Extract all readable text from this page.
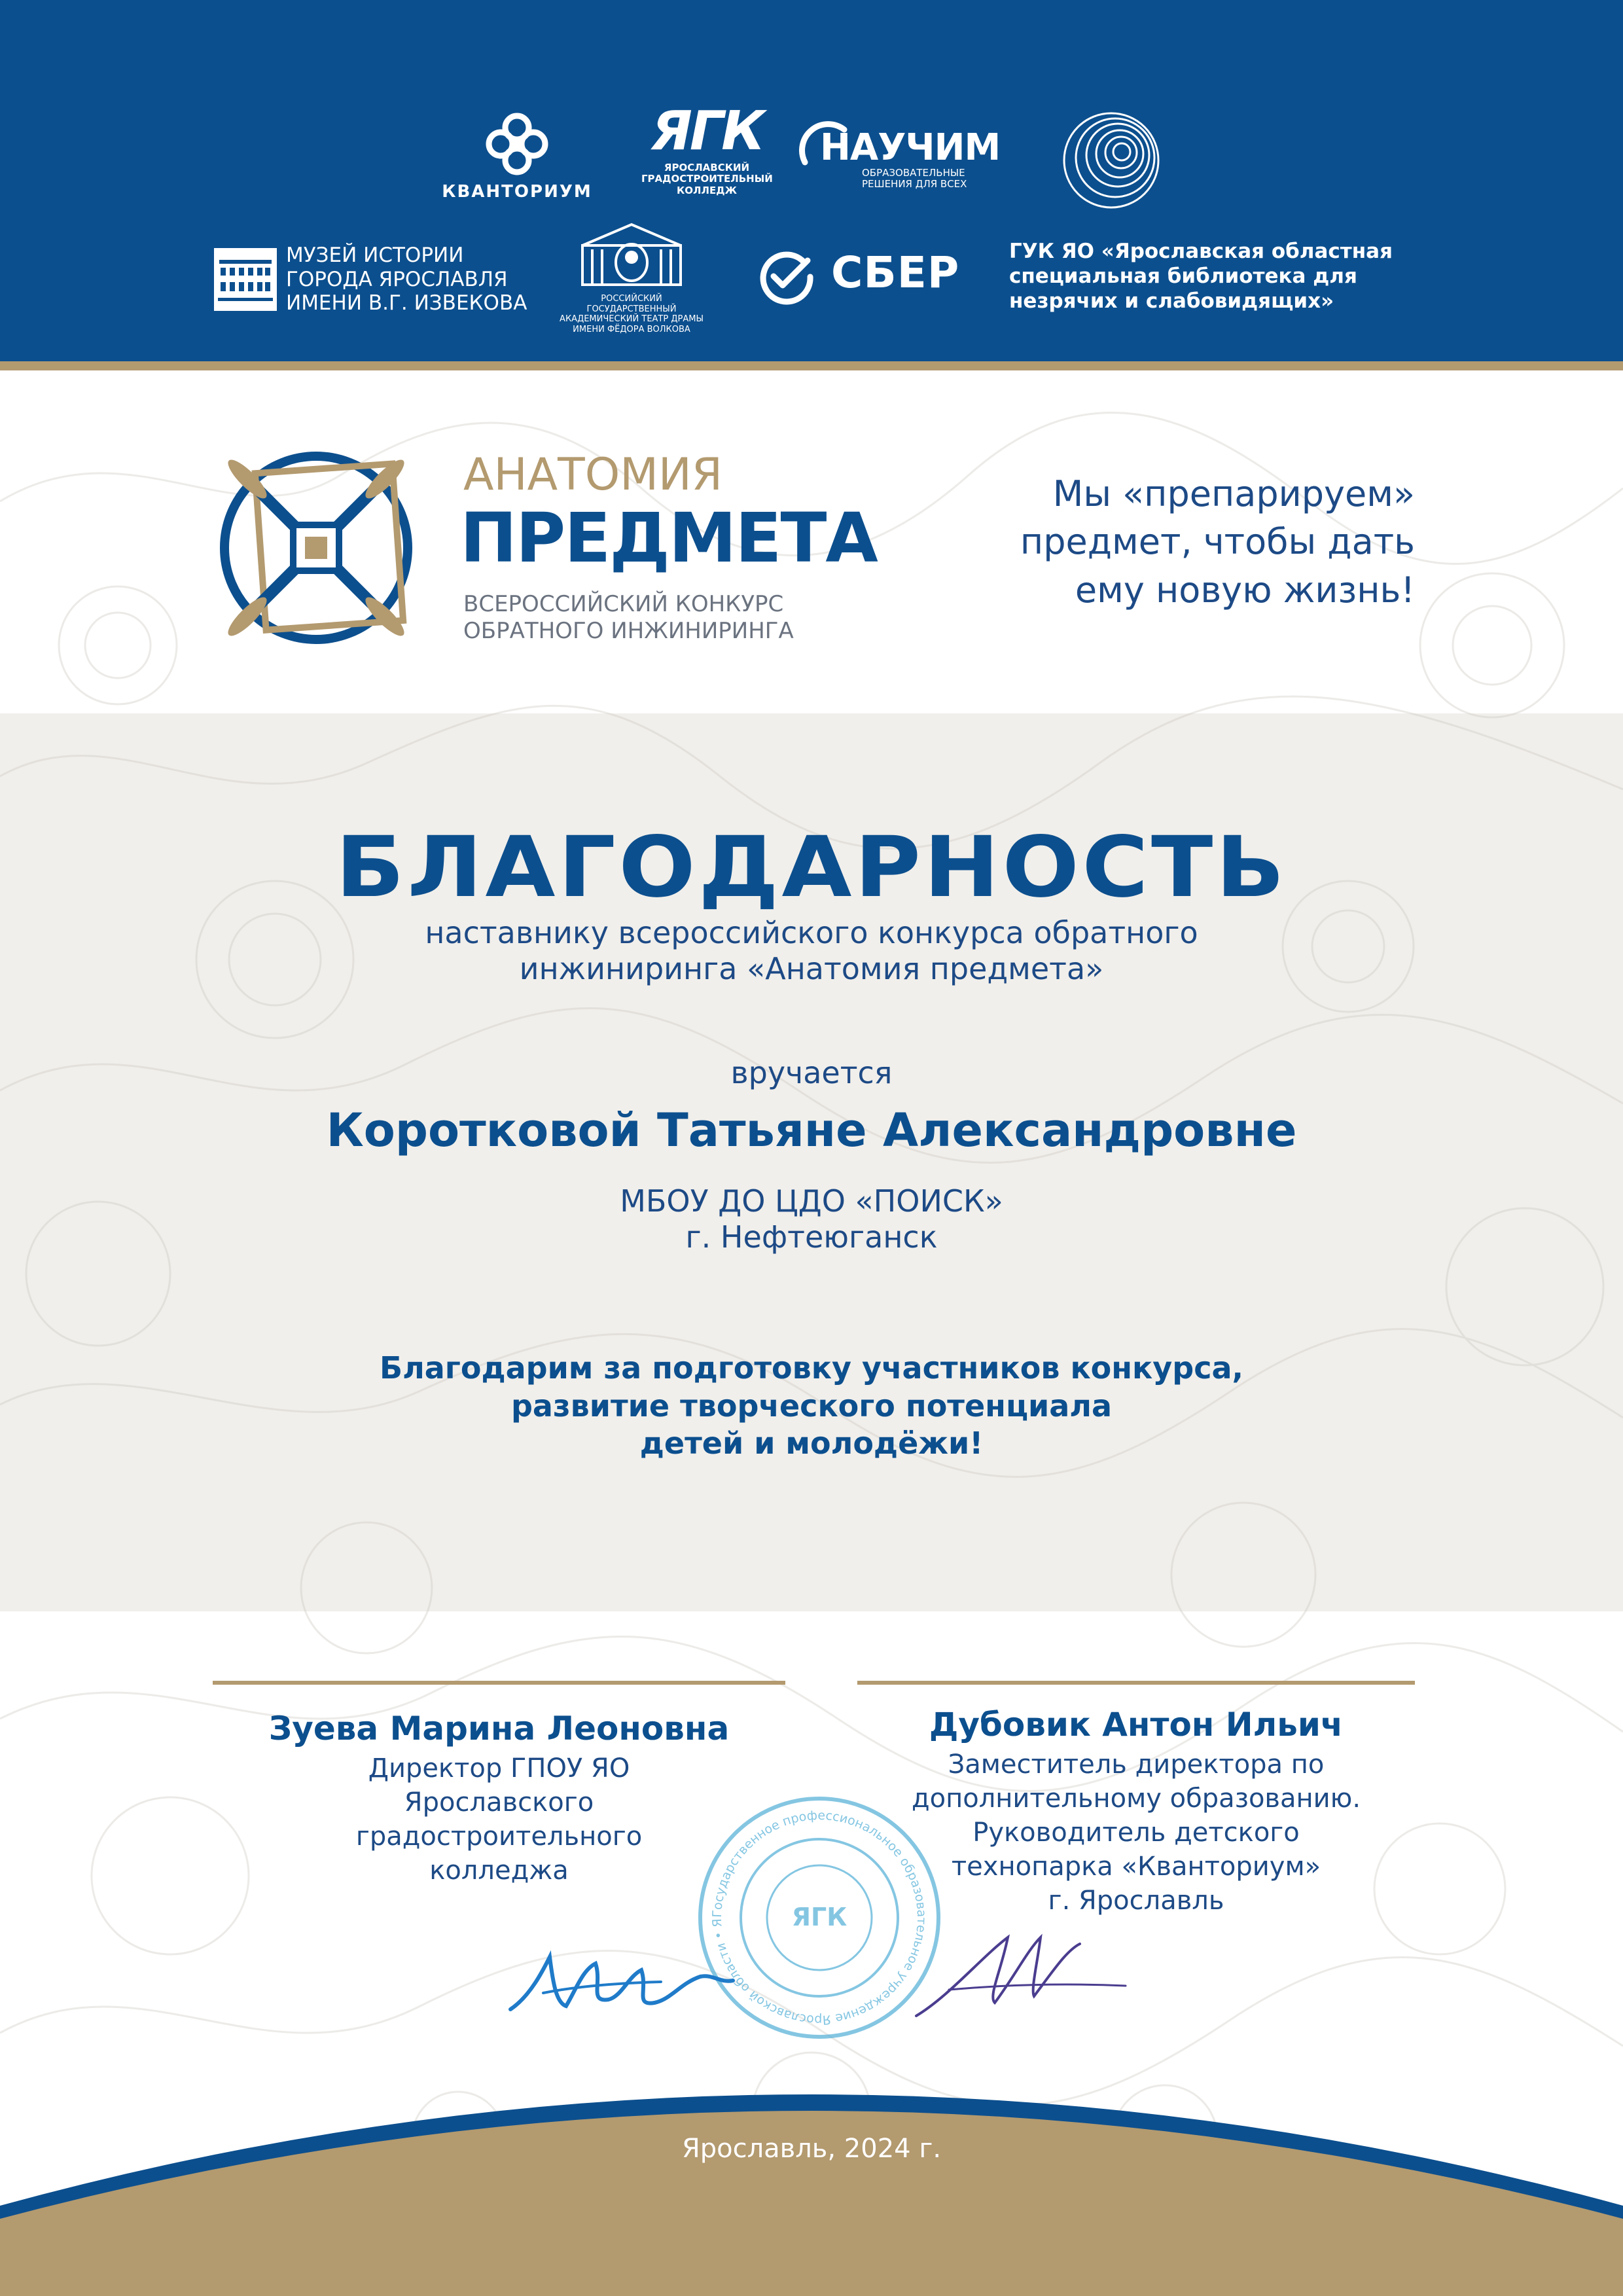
КВАНТОРИУМ
ЯГК
ЯРОСЛАВСКИЙ ГРАДОСТРОИТЕЛЬНЫЙ КОЛЛЕДЖ
НАУЧИМ
ОБРАЗОВАТЕЛЬНЫЕ РЕШЕНИЯ ДЛЯ ВСЕХ
МУЗЕЙ ИСТОРИИ
ГОРОДА ЯРОСЛАВЛЯ
ИМЕНИ В.Г. ИЗВЕКОВА	РОССИЙСКИЙ ГОСУДАРСТВЕННЫЙ
АКАДЕМИЧЕСКИЙ ТЕАТР ДРАМЫ
ИМЕНИ ФЁДОРА ВОЛКОВА
СБЕР ГУК ЯО «Ярославская областная
специальная библиотека для
незрячих и слабовидящих»
АНАТОМИЯ
ПРЕДМЕТА
ВСЕРОССИЙСКИЙ КОНКУРС
ОБРАТНОГО ИНЖИНИРИНГА
Мы «препарируем»
предмет, чтобы дать
ему новую жизнь!
БЛАГОДАРНОСТЬ
наставнику всероссийского конкурса обратного
инжиниринга «Анатомия предмета»
вручается
Коротковой Татьяне Александровне
МБОУ ДО ЦДО «ПОИСК»
г. Нефтеюганск
Благодарим за подготовку участников конкурса,
развитие творческого потенциала
детей и молодёжи!
Зуева Марина Леоновна
Директор ГПОУ ЯО
Ярославского
градостроительного
колледжа
Дубовик Антон Ильич
Заместитель директора по
дополнительному образованию.
Руководитель детского
технопарка «Кванториум»
г. Ярославль
Государственное профессиональное образовательное учреждение Ярославской области • Я	ЯГК
Ярославль, 2024 г.
